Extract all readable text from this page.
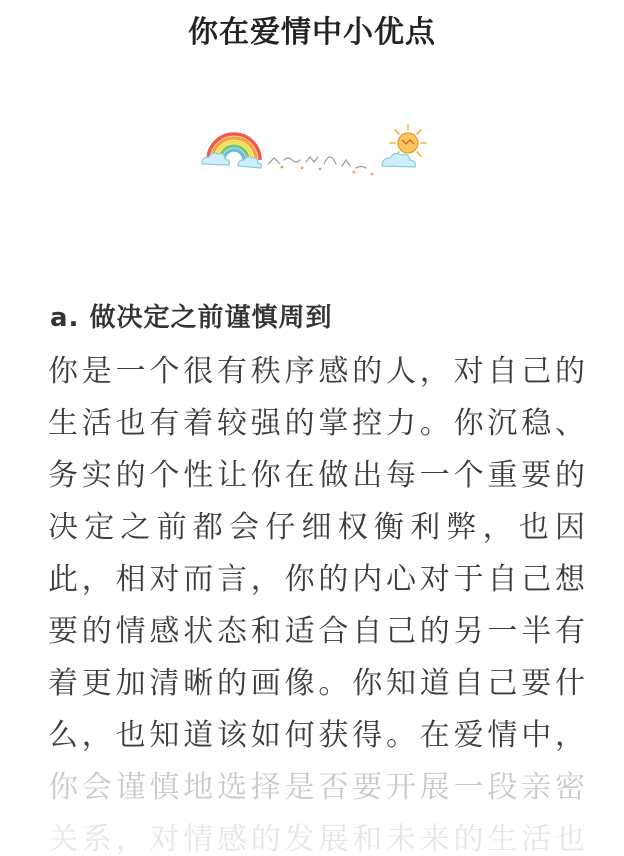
你在爱情中小优点
a. 做决定之前谨慎周到
你是一个很有秩序感的人，对自己的
生活也有着较强的掌控力。你沉稳、
务实的个性让你在做出每一个重要的
决定之前都会仔细权衡利弊，也因
此，相对而言，你的内心对于自己想
要的情感状态和适合自己的另一半有
着更加清晰的画像。你知道自己要什
么，也知道该如何获得。在爱情中，
你会谨慎地选择是否要开展一段亲密
关系，对情感的发展和未来的生活也
